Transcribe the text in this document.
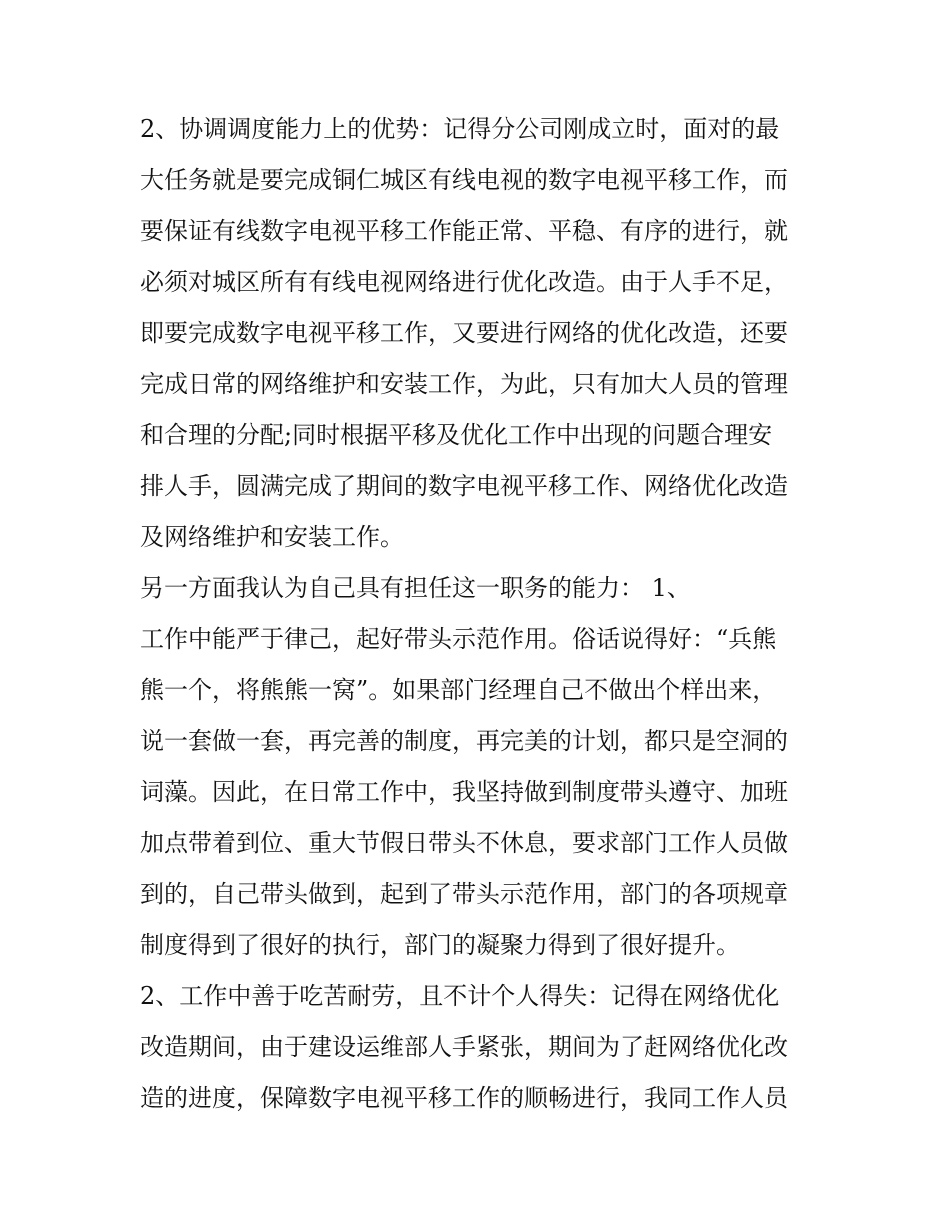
2、协调调度能力上的优势：记得分公司刚成立时，面对的最
大任务就是要完成铜仁城区有线电视的数字电视平移工作，而
要保证有线数字电视平移工作能正常、平稳、有序的进行，就
必须对城区所有有线电视网络进行优化改造。由于人手不足，
即要完成数字电视平移工作，又要进行网络的优化改造，还要
完成日常的网络维护和安装工作，为此，只有加大人员的管理
和合理的分配;同时根据平移及优化工作中出现的问题合理安
排人手，圆满完成了期间的数字电视平移工作、网络优化改造
及网络维护和安装工作。
另一方面我认为自己具有担任这一职务的能力： 1、
工作中能严于律己，起好带头示范作用。俗话说得好：“兵熊
熊一个，将熊熊一窝”。如果部门经理自己不做出个样出来，
说一套做一套，再完善的制度，再完美的计划，都只是空洞的
词藻。因此，在日常工作中，我坚持做到制度带头遵守、加班
加点带着到位、重大节假日带头不休息，要求部门工作人员做
到的，自己带头做到，起到了带头示范作用，部门的各项规章
制度得到了很好的执行，部门的凝聚力得到了很好提升。
2、工作中善于吃苦耐劳，且不计个人得失：记得在网络优化
改造期间，由于建设运维部人手紧张，期间为了赶网络优化改
造的进度，保障数字电视平移工作的顺畅进行，我同工作人员
